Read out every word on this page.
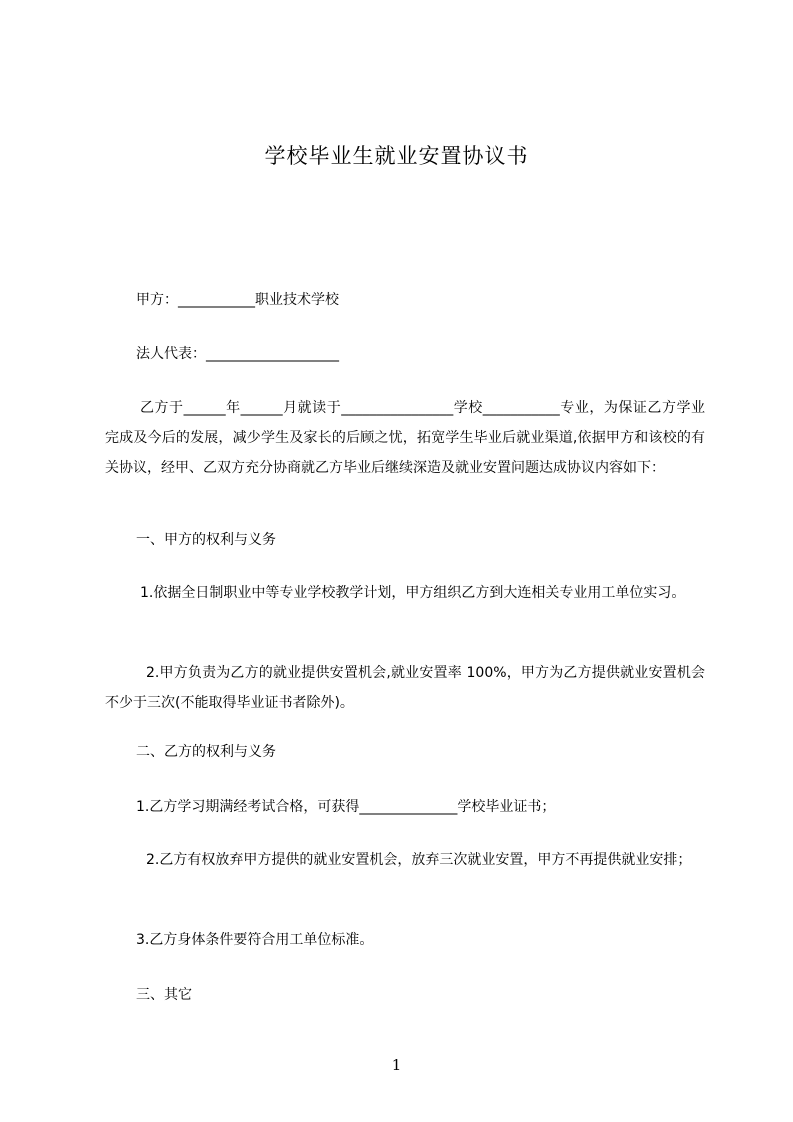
学校毕业生就业安置协议书
甲方：___________职业技术学校
法人代表：___________________
乙方于______年______月就读于________________学校___________专业，为保证乙方学业完成及今后的发展，减少学生及家长的后顾之忧，拓宽学生毕业后就业渠道,依据甲方和该校的有关协议，经甲、乙双方充分协商就乙方毕业后继续深造及就业安置问题达成协议内容如下：
一、甲方的权利与义务
1.依据全日制职业中等专业学校教学计划，甲方组织乙方到大连相关专业用工单位实习。
2.甲方负责为乙方的就业提供安置机会,就业安置率 100%，甲方为乙方提供就业安置机会不少于三次(不能取得毕业证书者除外)。
二、乙方的权利与义务
1.乙方学习期满经考试合格，可获得______________学校毕业证书；
2.乙方有权放弃甲方提供的就业安置机会，放弃三次就业安置，甲方不再提供就业安排；
3.乙方身体条件要符合用工单位标准。
三、其它
1
